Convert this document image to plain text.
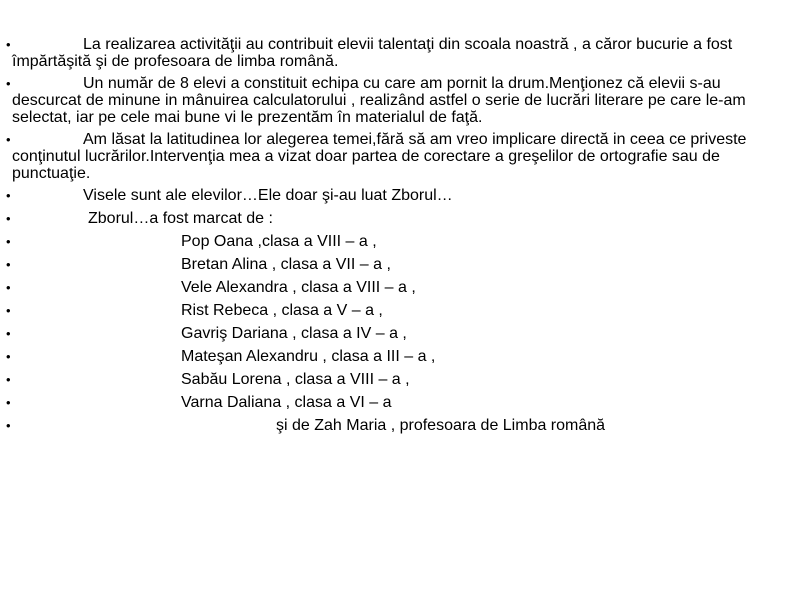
•	La realizarea activităţii au contribuit elevii talentaţi din scoala noastră , a căror bucurie a fost împărtăşită şi de profesoara de limba română.
•	Un număr de 8 elevi a constituit echipa cu care am pornit la drum.Menţionez că elevii s-au descurcat de minune in mânuirea calculatorului , realizând astfel o serie de lucrări literare pe care le-am selectat, iar pe cele mai bune vi le prezentăm în materialul de faţă.
•	Am lăsat la latitudinea lor alegerea temei,fără să am vreo implicare directă in ceea ce priveste conţinutul lucrărilor.Intervenţia mea a vizat doar partea de corectare a greşelilor de ortografie sau de punctuaţie.
•	Visele sunt ale elevilor…Ele doar şi-au luat Zborul…
•	Zborul…a fost marcat de :
•	Pop Oana ,clasa a VIII – a ,
•	Bretan Alina , clasa a VII – a ,
•	Vele Alexandra , clasa a VIII – a ,
•	Rist Rebeca , clasa a V – a ,
•	Gavriş Dariana , clasa a IV – a ,
•	Mateşan Alexandru , clasa a III – a ,
•	Sabău Lorena , clasa a VIII – a ,
•	Varna Daliana , clasa a VI – a
•	şi de Zah Maria , profesoara de Limba română
